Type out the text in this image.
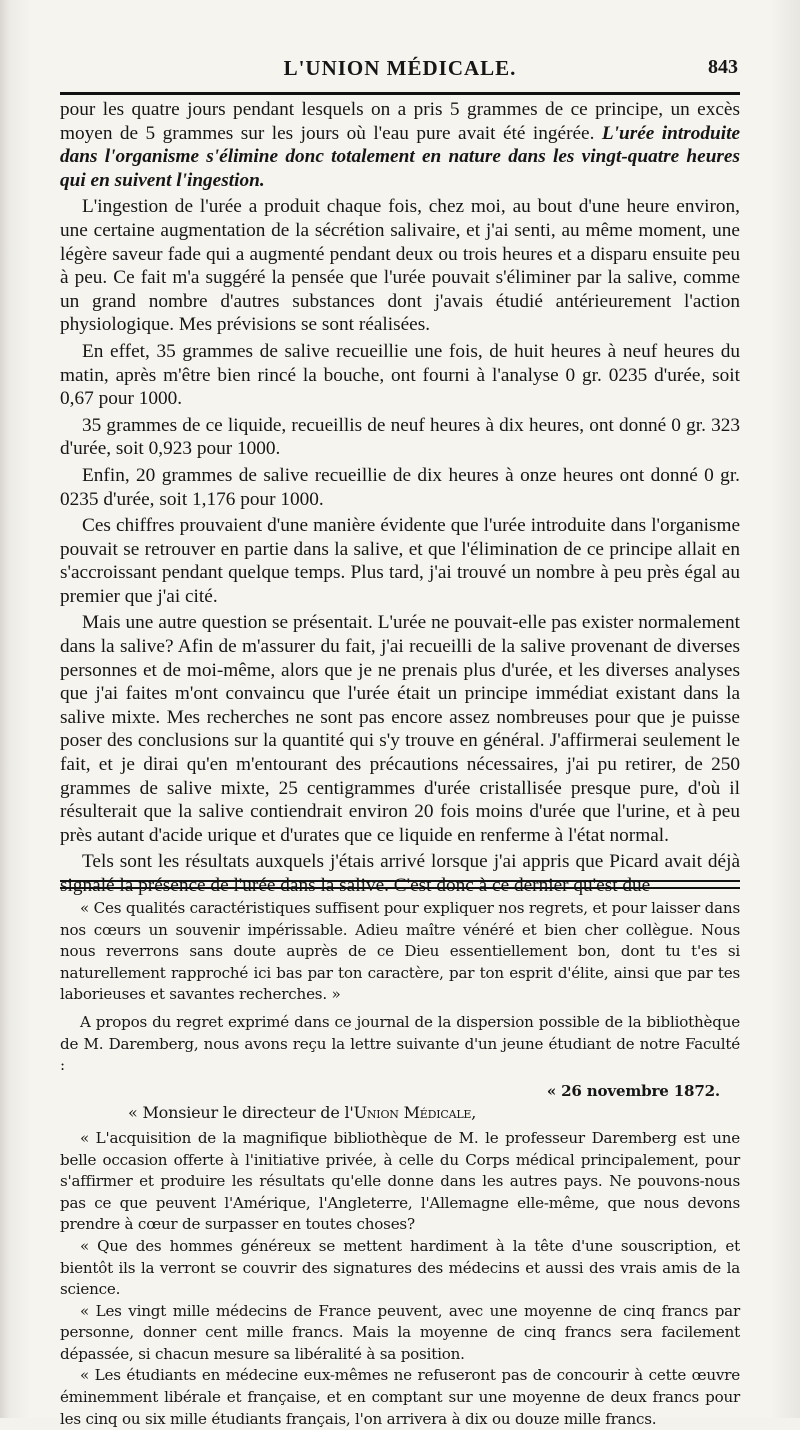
L'UNION MÉDICALE.	843

pour les quatre jours pendant lesquels on a pris 5 grammes de ce principe, un excès moyen de 5 grammes sur les jours où l'eau pure avait été ingérée. L'urée introduite dans l'organisme s'élimine donc totalement en nature dans les vingt-quatre heures qui en suivent l'ingestion.

L'ingestion de l'urée a produit chaque fois, chez moi, au bout d'une heure environ, une certaine augmentation de la sécrétion salivaire, et j'ai senti, au même moment, une légère saveur fade qui a augmenté pendant deux ou trois heures et a disparu ensuite peu à peu. Ce fait m'a suggéré la pensée que l'urée pouvait s'éliminer par la salive, comme un grand nombre d'autres substances dont j'avais étudié antérieurement l'action physiologique. Mes prévisions se sont réalisées.

En effet, 35 grammes de salive recueillie une fois, de huit heures à neuf heures du matin, après m'être bien rincé la bouche, ont fourni à l'analyse 0 gr. 0235 d'urée, soit 0,67 pour 1000.

35 grammes de ce liquide, recueillis de neuf heures à dix heures, ont donné 0 gr. 323 d'urée, soit 0,923 pour 1000.

Enfin, 20 grammes de salive recueillie de dix heures à onze heures ont donné 0 gr. 0235 d'urée, soit 1,176 pour 1000.

Ces chiffres prouvaient d'une manière évidente que l'urée introduite dans l'organisme pouvait se retrouver en partie dans la salive, et que l'élimination de ce principe allait en s'accroissant pendant quelque temps. Plus tard, j'ai trouvé un nombre à peu près égal au premier que j'ai cité.

Mais une autre question se présentait. L'urée ne pouvait-elle pas exister normalement dans la salive? Afin de m'assurer du fait, j'ai recueilli de la salive provenant de diverses personnes et de moi-même, alors que je ne prenais plus d'urée, et les diverses analyses que j'ai faites m'ont convaincu que l'urée était un principe immédiat existant dans la salive mixte. Mes recherches ne sont pas encore assez nombreuses pour que je puisse poser des conclusions sur la quantité qui s'y trouve en général. J'affirmerai seulement le fait, et je dirai qu'en m'entourant des précautions nécessaires, j'ai pu retirer, de 250 grammes de salive mixte, 25 centigrammes d'urée cristallisée presque pure, d'où il résulterait que la salive contiendrait environ 20 fois moins d'urée que l'urine, et à peu près autant d'acide urique et d'urates que ce liquide en renferme à l'état normal.

Tels sont les résultats auxquels j'étais arrivé lorsque j'ai appris que Picard avait déjà signalé la présence de l'urée dans la salive. C'est donc à ce dernier qu'est due

« Ces qualités caractéristiques suffisent pour expliquer nos regrets, et pour laisser dans nos cœurs un souvenir impérissable. Adieu maître vénéré et bien cher collègue. Nous nous reverrons sans doute auprès de ce Dieu essentiellement bon, dont tu t'es si naturellement rapproché ici bas par ton caractère, par ton esprit d'élite, ainsi que par tes laborieuses et savantes recherches. »

A propos du regret exprimé dans ce journal de la dispersion possible de la bibliothèque de M. Daremberg, nous avons reçu la lettre suivante d'un jeune étudiant de notre Faculté :

« 26 novembre 1872.

« Monsieur le directeur de l'Union Médicale,

« L'acquisition de la magnifique bibliothèque de M. le professeur Daremberg est une belle occasion offerte à l'initiative privée, à celle du Corps médical principalement, pour s'affirmer et produire les résultats qu'elle donne dans les autres pays. Ne pouvons-nous pas ce que peuvent l'Amérique, l'Angleterre, l'Allemagne elle-même, que nous devons prendre à cœur de surpasser en toutes choses?

« Que des hommes généreux se mettent hardiment à la tête d'une souscription, et bientôt ils la verront se couvrir des signatures des médecins et aussi des vrais amis de la science.

« Les vingt mille médecins de France peuvent, avec une moyenne de cinq francs par personne, donner cent mille francs. Mais la moyenne de cinq francs sera facilement dépassée, si chacun mesure sa libéralité à sa position.

« Les étudiants en médecine eux-mêmes ne refuseront pas de concourir à cette œuvre éminemment libérale et française, et en comptant sur une moyenne de deux francs pour les cinq ou six mille étudiants français, l'on arrivera à dix ou douze mille francs.
